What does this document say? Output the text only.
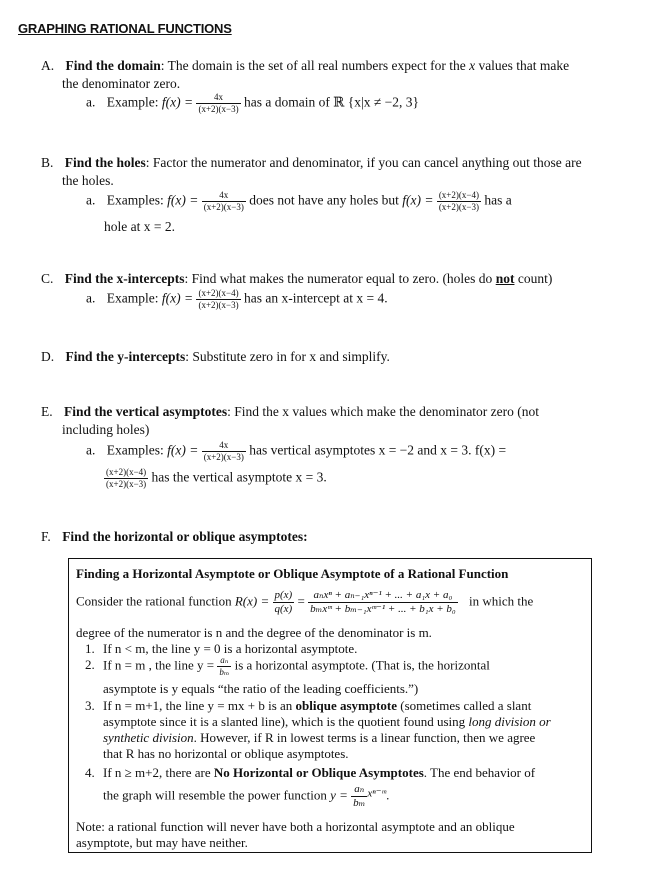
GRAPHING RATIONAL FUNCTIONS
A. Find the domain: The domain is the set of all real numbers expect for the x values that make
the denominator zero.
a. Example: $f(x) = \frac{4x}{(x+2)(x-3)}$ has a domain of ℝ {x|x ≠ −2, 3}
B. Find the holes: Factor the numerator and denominator, if you can cancel anything out those are
the holes.
a. Examples: $f(x) = \frac{4x}{(x+2)(x-3)}$ does not have any holes but $f(x) = \frac{(x+2)(x-4)}{(x+2)(x-3)}$ has a
hole at x = 2.
C. Find the x-intercepts: Find what makes the numerator equal to zero. (holes do not count)
a. Example: $f(x) = \frac{(x+2)(x-4)}{(x+2)(x-3)}$ has an x-intercept at x = 4.
D. Find the y-intercepts: Substitute zero in for x and simplify.
E. Find the vertical asymptotes: Find the x values which make the denominator zero (not
including holes)
a. Examples: $f(x) = \frac{4x}{(x+2)(x-3)}$ has vertical asymptotes x = −2 and x = 3. f(x) =
$\frac{(x+2)(x-4)}{(x+2)(x-3)}$ has the vertical asymptote x = 3.
F. Find the horizontal or oblique asymptotes:
Finding a Horizontal Asymptote or Oblique Asymptote of a Rational Function
Consider the rational function $R(x) = \frac{p(x)}{q(x)} = \frac{\text{aₙxⁿ + aₙ₋₁xⁿ⁻¹ + ... + a₁x + a₀}}{\text{bₘxᵐ + bₘ₋₁xᵐ⁻¹ + ... + b₁x + b₀}}$ in which the
degree of the numerator is n and the degree of the denominator is m.
1. If n < m, the line y = 0 is a horizontal asymptote.
2. If n = m , the line $y = \frac{\text{aₙ}}{\text{bₘ}}$ is a horizontal asymptote. (That is, the horizontal
asymptote is y equals “the ratio of the leading coefficients.”)
3. If n = m+1, the line y = mx + b is an oblique asymptote (sometimes called a slant
asymptote since it is a slanted line), which is the quotient found using long division or
synthetic division. However, if R in lowest terms is a linear function, then we agree
that R has no horizontal or oblique asymptotes.
4. If n ≥ m+2, there are No Horizontal or Oblique Asymptotes. The end behavior of
the graph will resemble the power function $y = \frac{\text{aₙ}}{\text{bₘ}} ^{x^{n-}ᵐ}$.
Note: a rational function will never have both a horizontal asymptote and an oblique
asymptote, but may have neither.
